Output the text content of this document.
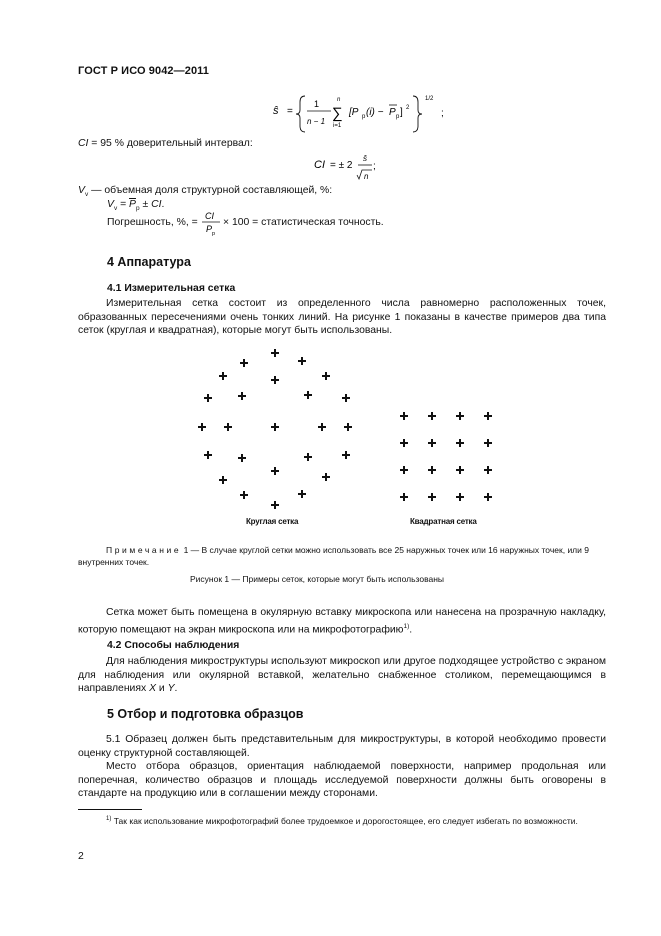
ГОСТ Р ИСО 9042—2011
ŝ =
1
n − 1
n
∑
i=1
[P p (i) − P p ] 2
1/2
;
CI = 95 % доверительный интервал:
CI = ± 2
ŝ
n
;
$V_v$ — объемная доля структурной составляющей, %:
$V_v = \overline{P}_р$ ± CI.
Погрешность, %, =
CI
P р
× 100 = статистическая точность.
4 Аппаратура
4.1 Измерительная сетка
Измерительная сетка состоит из определенного числа равномерно расположенных точек, образованных пересечениями очень тонких линий. На рисунке 1 показаны в качестве примеров два типа сеток (круглая и квадратная), которые могут быть использованы.
Круглая сетка	Квадратная сетка
Примечание 1 — В случае круглой сетки можно использовать все 25 наружных точек или 16 наружных точек, или 9 внутренних точек.
Рисунок 1 — Примеры сеток, которые могут быть использованы
Сетка может быть помещена в окулярную вставку микроскопа или нанесена на прозрачную накладку, которую помещают на экран микроскопа или на микрофотографию$^{1)}$.
4.2 Способы наблюдения
Для наблюдения микроструктуры используют микроскоп или другое подходящее устройство с экраном для наблюдения или окулярной вставкой, желательно снабженное столиком, перемещающимся в направлениях X и Y.
5 Отбор и подготовка образцов
5.1 Образец должен быть представительным для микроструктуры, в которой необходимо провести оценку структурной составляющей.
Место отбора образцов, ориентация наблюдаемой поверхности, например продольная или поперечная, количество образцов и площадь исследуемой поверхности должны быть оговорены в стандарте на продукцию или в соглашении между сторонами.
$^{1)}$ Так как использование микрофотографий более трудоемкое и дорогостоящее, его следует избегать по возможности.
2
